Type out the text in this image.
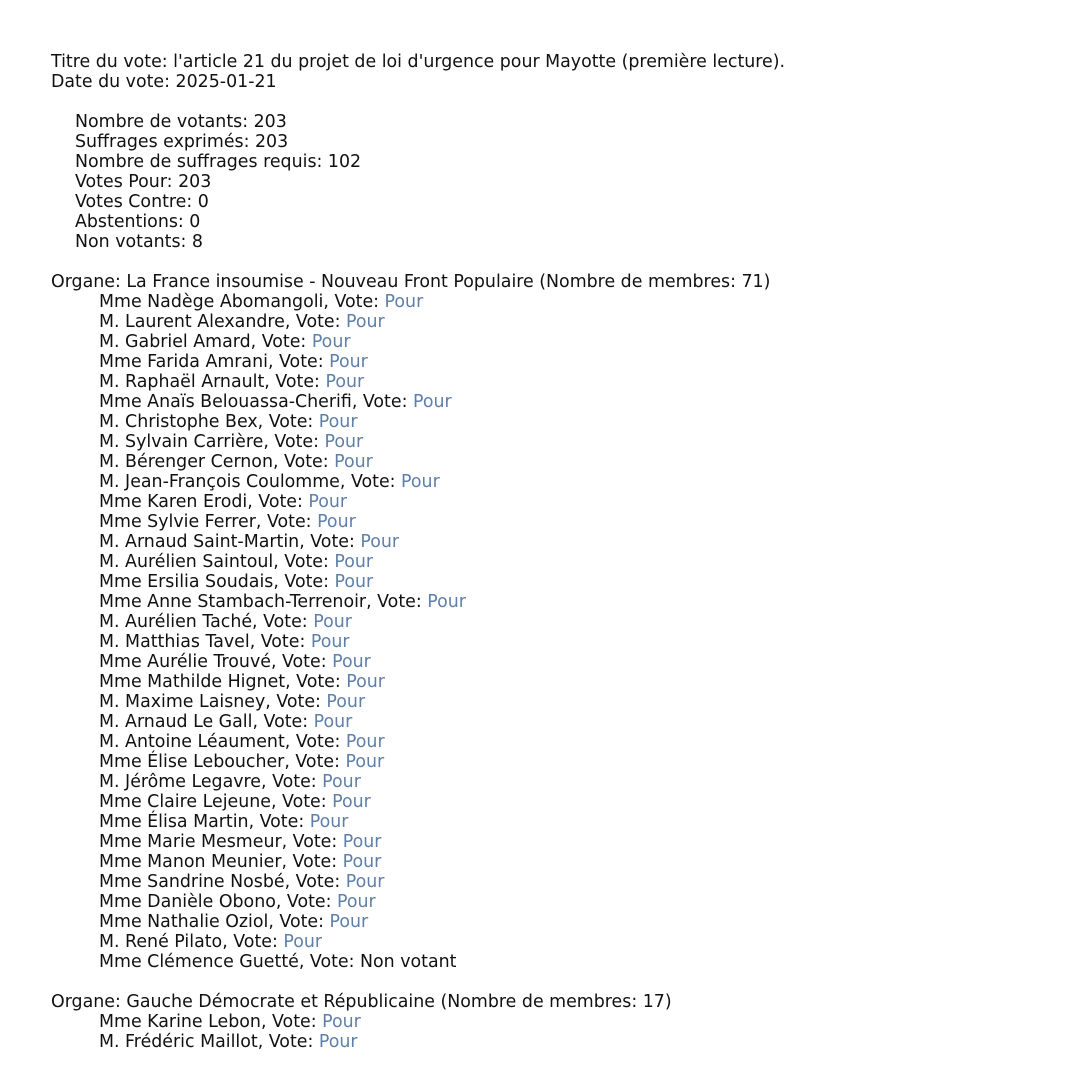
Titre du vote: l'article 21 du projet de loi d'urgence pour Mayotte (première lecture).
Date du vote: 2025-01-21
Nombre de votants: 203
Suffrages exprimés: 203
Nombre de suffrages requis: 102
Votes Pour: 203
Votes Contre: 0
Abstentions: 0
Non votants: 8
Organe: La France insoumise - Nouveau Front Populaire (Nombre de membres: 71)
Mme Nadège Abomangoli, Vote: Pour
M. Laurent Alexandre, Vote: Pour
M. Gabriel Amard, Vote: Pour
Mme Farida Amrani, Vote: Pour
M. Raphaël Arnault, Vote: Pour
Mme Anaïs Belouassa-Cherifi, Vote: Pour
M. Christophe Bex, Vote: Pour
M. Sylvain Carrière, Vote: Pour
M. Bérenger Cernon, Vote: Pour
M. Jean-François Coulomme, Vote: Pour
Mme Karen Erodi, Vote: Pour
Mme Sylvie Ferrer, Vote: Pour
M. Arnaud Saint-Martin, Vote: Pour
M. Aurélien Saintoul, Vote: Pour
Mme Ersilia Soudais, Vote: Pour
Mme Anne Stambach-Terrenoir, Vote: Pour
M. Aurélien Taché, Vote: Pour
M. Matthias Tavel, Vote: Pour
Mme Aurélie Trouvé, Vote: Pour
Mme Mathilde Hignet, Vote: Pour
M. Maxime Laisney, Vote: Pour
M. Arnaud Le Gall, Vote: Pour
M. Antoine Léaument, Vote: Pour
Mme Élise Leboucher, Vote: Pour
M. Jérôme Legavre, Vote: Pour
Mme Claire Lejeune, Vote: Pour
Mme Élisa Martin, Vote: Pour
Mme Marie Mesmeur, Vote: Pour
Mme Manon Meunier, Vote: Pour
Mme Sandrine Nosbé, Vote: Pour
Mme Danièle Obono, Vote: Pour
Mme Nathalie Oziol, Vote: Pour
M. René Pilato, Vote: Pour
Mme Clémence Guetté, Vote: Non votant
Organe: Gauche Démocrate et Républicaine (Nombre de membres: 17)
Mme Karine Lebon, Vote: Pour
M. Frédéric Maillot, Vote: Pour
